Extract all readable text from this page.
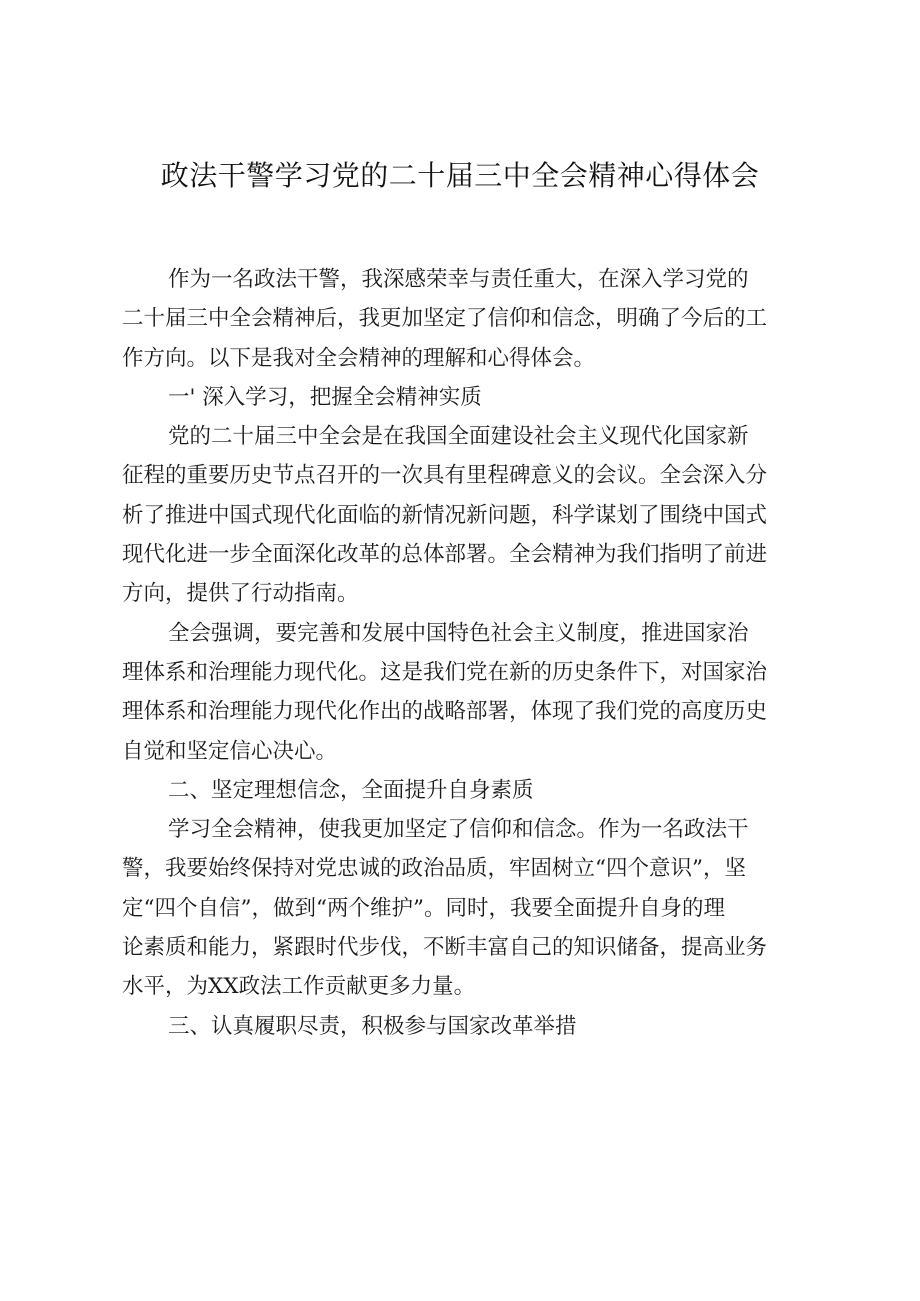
政法干警学习党的二十届三中全会精神心得体会
作为一名政法干警，我深感荣幸与责任重大，在深入学习党的
二十届三中全会精神后，我更加坚定了信仰和信念，明确了今后的工
作方向。以下是我对全会精神的理解和心得体会。
一' 深入学习，把握全会精神实质
党的二十届三中全会是在我国全面建设社会主义现代化国家新
征程的重要历史节点召开的一次具有里程碑意义的会议。全会深入分
析了推进中国式现代化面临的新情况新问题，科学谋划了围绕中国式
现代化进一步全面深化改革的总体部署。全会精神为我们指明了前进
方向，提供了行动指南。
全会强调，要完善和发展中国特色社会主义制度，推进国家治
理体系和治理能力现代化。这是我们党在新的历史条件下，对国家治
理体系和治理能力现代化作出的战略部署，体现了我们党的高度历史
自觉和坚定信心决心。
二、坚定理想信念，全面提升自身素质
学习全会精神，使我更加坚定了信仰和信念。作为一名政法干
警，我要始终保持对党忠诚的政治品质，牢固树立“四个意识”，坚
定“四个自信”，做到“两个维护”。同时，我要全面提升自身的理
论素质和能力，紧跟时代步伐，不断丰富自己的知识储备，提高业务
水平，为XX政法工作贡献更多力量。
三、认真履职尽责，积极参与国家改革举措
